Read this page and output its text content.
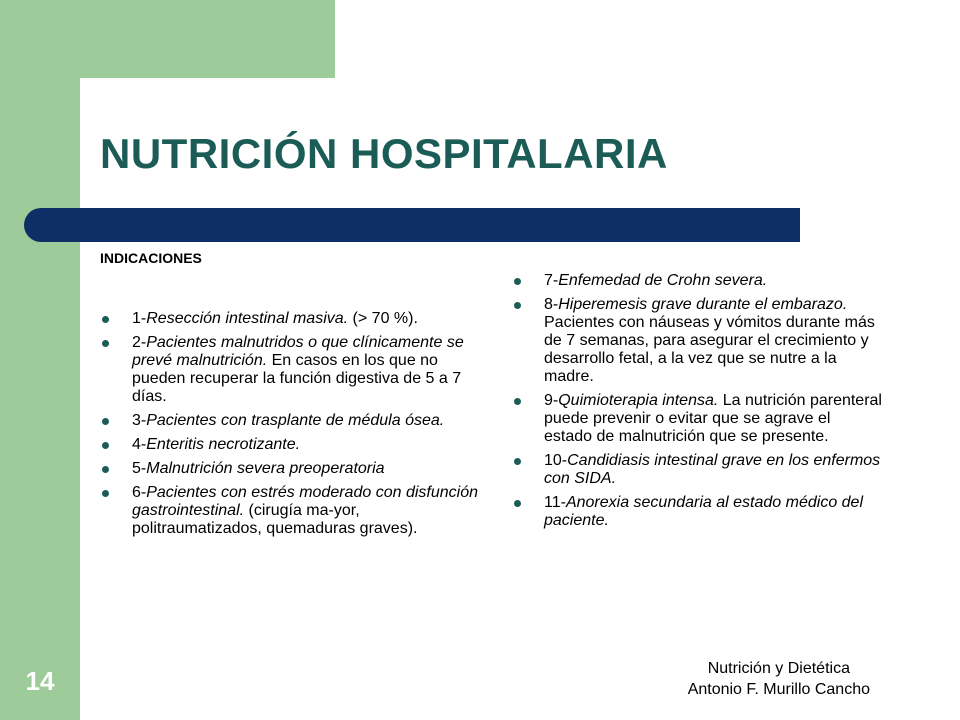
NUTRICIÓN HOSPITALARIA
INDICACIONES
1-Resección intestinal masiva. (> 70 %).
2-Pacientes malnutridos o que clínicamente se prevé malnutrición. En casos en los que no pueden recuperar la función digestiva de 5 a 7 días.
3-Pacientes con trasplante de médula ósea.
4-Enteritis necrotizante.
5-Malnutrición severa preoperatoria
6-Pacientes con estrés moderado con disfunción gastrointestinal. (cirugía ma-yor, politraumatizados, quemaduras graves).
7-Enfemedad de Crohn severa.
8-Hiperemesis grave durante el embarazo. Pacientes con náuseas y vómitos durante más de 7 semanas, para asegurar el crecimiento y desarrollo fetal, a la vez que se nutre a la madre.
9-Quimioterapia intensa. La nutrición parenteral puede prevenir o evitar que se agrave el estado de malnutrición que se presente.
10-Candidiasis intestinal grave en los enfermos con SIDA.
11-Anorexia secundaria al estado médico del paciente.
Nutrición y Dietética
Antonio F. Murillo Cancho
14
